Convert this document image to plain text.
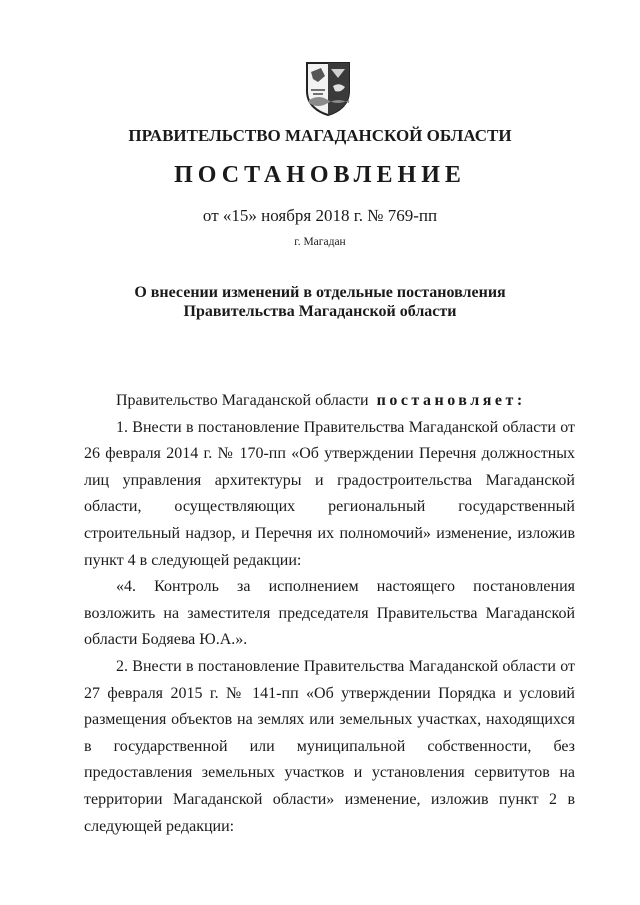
ПРАВИТЕЛЬСТВО МАГАДАНСКОЙ ОБЛАСТИ
ПОСТАНОВЛЕНИЕ
от «15» ноября 2018 г. № 769-пп
г. Магадан
О внесении изменений в отдельные постановления
Правительства Магаданской области

Правительство Магаданской области постановляет:

1. Внести в постановление Правительства Магаданской области от 26 февраля 2014 г. № 170-пп «Об утверждении Перечня должностных лиц управления архитектуры и градостроительства Магаданской области, осуществляющих региональный государственный строительный надзор, и Перечня их полномочий» изменение, изложив пункт 4 в следующей редакции:

«4. Контроль за исполнением настоящего постановления возложить на заместителя председателя Правительства Магаданской области Бодяева Ю.А.».

2. Внести в постановление Правительства Магаданской области от 27 февраля 2015 г. № 141-пп «Об утверждении Порядка и условий размещения объектов на землях или земельных участках, находящихся в государственной или муниципальной собственности, без предоставления земельных участков и установления сервитутов на территории Магаданской области» изменение, изложив пункт 2 в следующей редакции:
